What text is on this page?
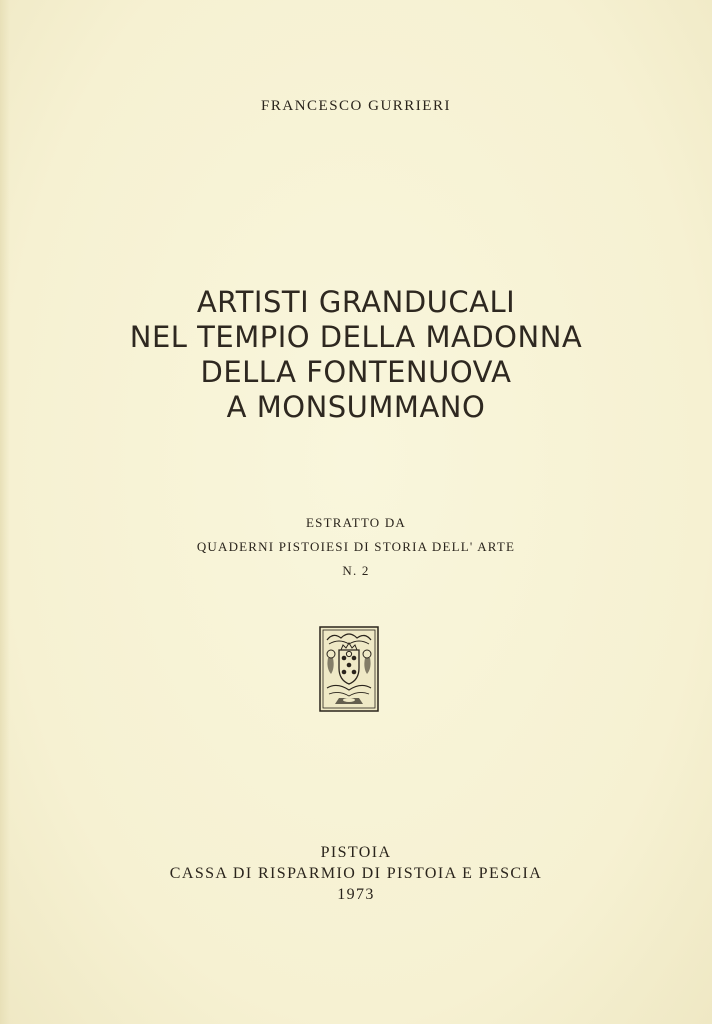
FRANCESCO GURRIERI
ARTISTI GRANDUCALI
NEL TEMPIO DELLA MADONNA
DELLA FONTENUOVA
A MONSUMMANO
ESTRATTO DA
QUADERNI PISTOIESI DI STORIA DELL' ARTE
N. 2
PISTOIA
CASSA DI RISPARMIO DI PISTOIA E PESCIA
1973
